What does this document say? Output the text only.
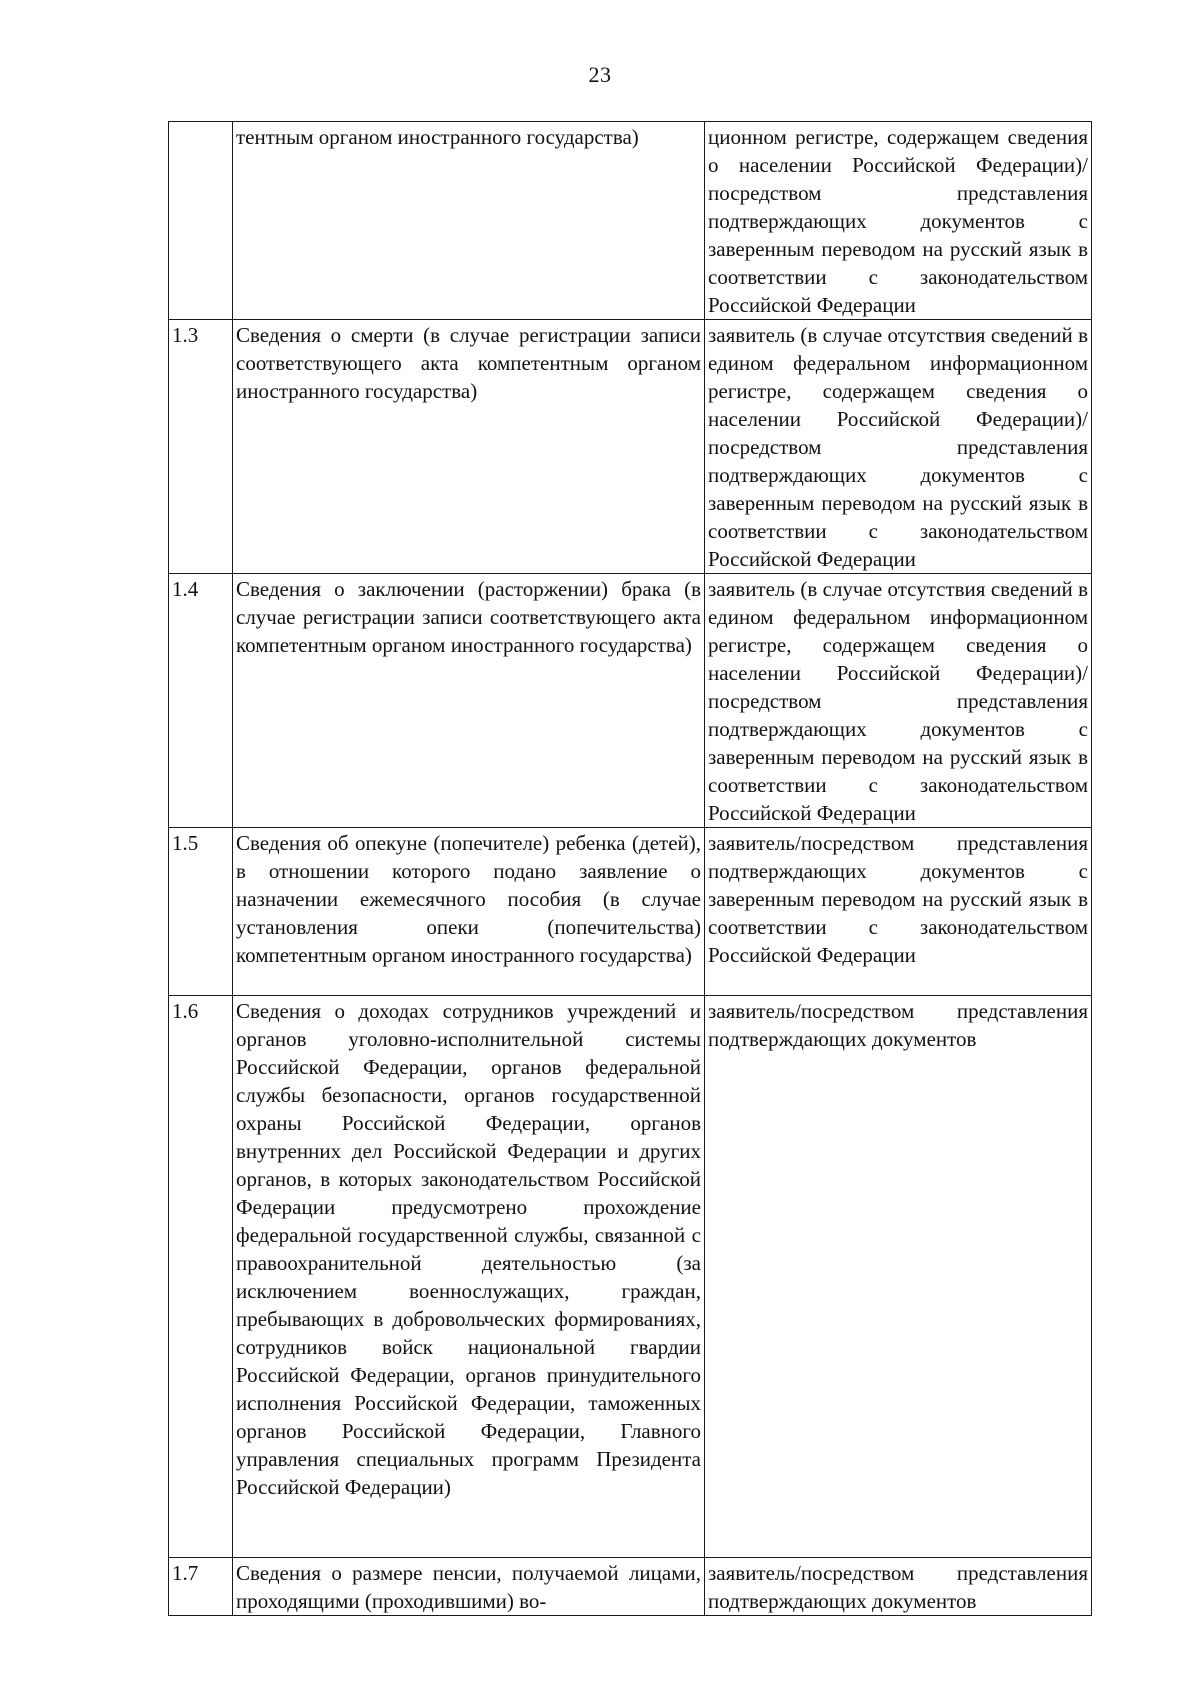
23
	тентным органом иностранного государства)	ционном регистре, содержащем сведения о населении Российской Федерации)/посредством представления подтверждающих документов с заверенным переводом на русский язык в соответствии с законодательством Российской Федерации
1.3	Сведения о смерти (в случае регистрации записи соответствующего акта компетентным органом иностранного государства)	заявитель (в случае отсутствия сведений в едином федеральном информационном регистре, содержащем сведения о населении Российской Федерации)/посредством представления подтверждающих документов с заверенным переводом на русский язык в соответствии с законодательством Российской Федерации
1.4	Сведения о заключении (расторжении) брака (в случае регистрации записи соответствующего акта компетентным органом иностранного государства)	заявитель (в случае отсутствия сведений в едином федеральном информационном регистре, содержащем сведения о населении Российской Федерации)/посредством представления подтверждающих документов с заверенным переводом на русский язык в соответствии с законодательством Российской Федерации
1.5	Сведения об опекуне (попечителе) ребенка (детей), в отношении которого подано заявление о назначении ежемесячного пособия (в случае установления опеки (попечительства) компетентным органом иностранного государства)	заявитель/посредством представления подтверждающих документов с заверенным переводом на русский язык в соответствии с законодательством Российской Федерации
1.6	Сведения о доходах сотрудников учреждений и органов уголовно-исполнительной системы Российской Федерации, органов федеральной службы безопасности, органов государственной охраны Российской Федерации, органов внутренних дел Российской Федерации и других органов, в которых законодательством Российской Федерации предусмотрено прохождение федеральной государственной службы, связанной с правоохранительной деятельностью (за исключением военнослужащих, граждан, пребывающих в добровольческих формированиях, сотрудников войск национальной гвардии Российской Федерации, органов принудительного исполнения Российской Федерации, таможенных органов Российской Федерации, Главного управления специальных программ Президента Российской Федерации)	заявитель/посредством представления подтверждающих документов
1.7	Сведения о размере пенсии, получаемой лицами, проходящими (проходившими) во-	заявитель/посредством представления подтверждающих документов
